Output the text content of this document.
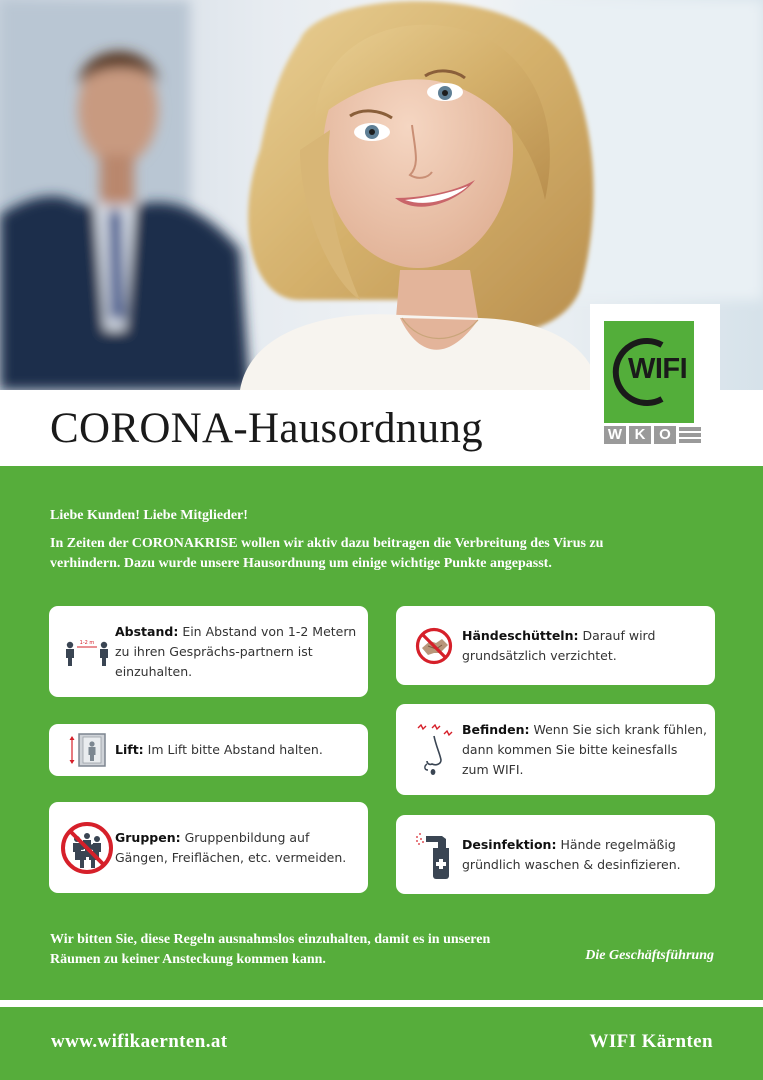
CORONA-Hausordnung
WIFI
W K O
Liebe Kunden! Liebe Mitglieder!
In Zeiten der CORONAKRISE wollen wir aktiv dazu beitragen die Verbreitung des Virus zu verhindern. Dazu wurde unsere Hausordnung um einige wichtige Punkte angepasst.
1-2 m
Abstand: Ein Abstand von 1-2 Metern zu ihren Gesprächs-partnern ist einzuhalten.
Händeschütteln: Darauf wird grundsätzlich verzichtet.
Lift: Im Lift bitte Abstand halten.
Befinden: Wenn Sie sich krank fühlen, dann kommen Sie bitte keinesfalls zum WIFI.
Gruppen: Gruppenbildung auf Gängen, Freiflächen, etc. vermeiden.
Desinfektion: Hände regelmäßig gründlich waschen & desinfizieren.
Wir bitten Sie, diese Regeln ausnahmslos einzuhalten, damit es in unseren Räumen zu keiner Ansteckung kommen kann.	Die Geschäftsführung
www.wifikaernten.at	WIFI Kärnten
